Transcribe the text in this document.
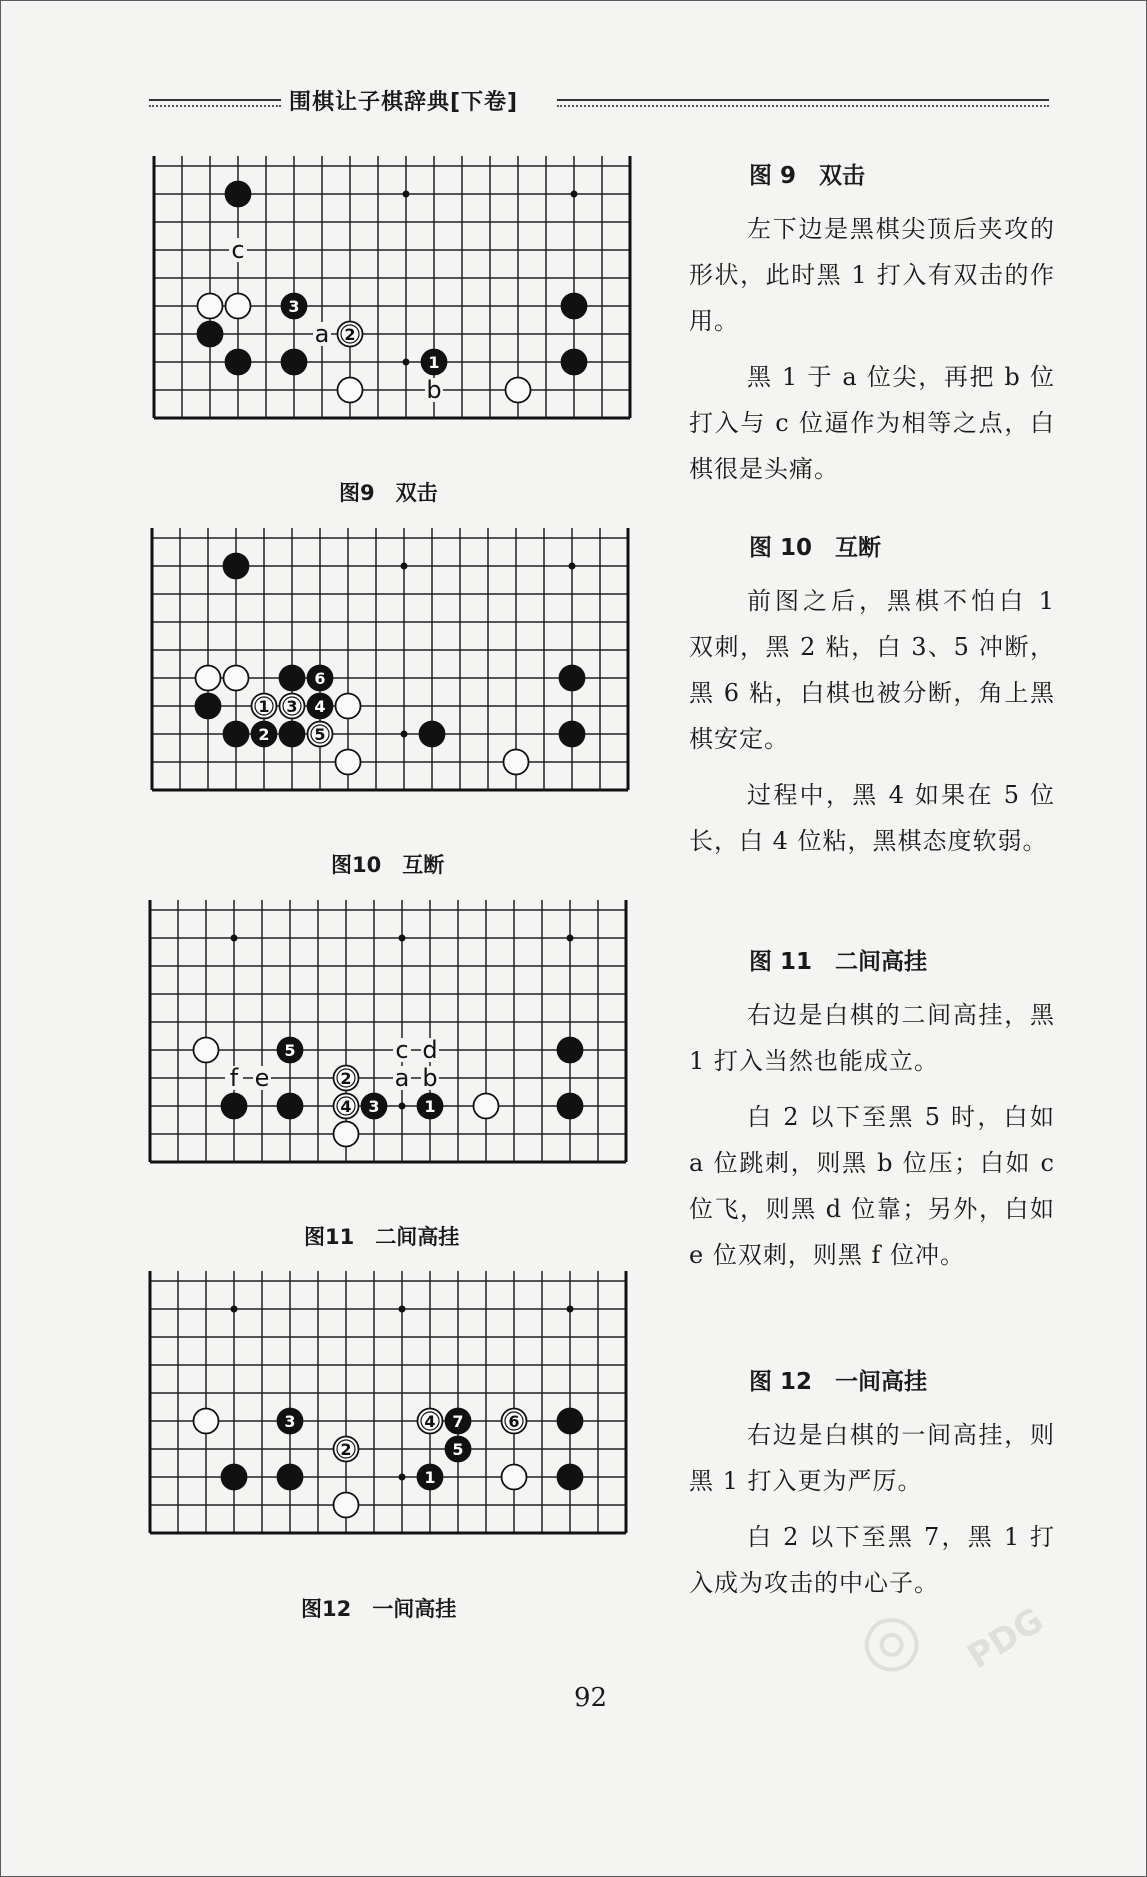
围棋让子棋辞典[下卷]
c
a
b
3
2
1
图9　双击
图 9　双击

左下边是黑棋尖顶后夹攻的形状，此时黑 1 打入有双击的作用。

黑 1 于 a 位尖，再把 b 位打入与 c 位逼作为相等之点，白棋很是头痛。

6
1 3 4
2	5
图10　互断
图 10　互断

前图之后，黑棋不怕白 1 双刺，黑 2 粘，白 3、5 冲断，黑 6 粘，白棋也被分断，角上黑棋安定。

过程中，黑 4 如果在 5 位长，白 4 位粘，黑棋态度软弱。

c d
f e	a b
5
2
4 3	1
图11　二间高挂
图 11　二间高挂

右边是白棋的二间高挂，黑 1 打入当然也能成立。

白 2 以下至黑 5 时，白如 a 位跳刺，则黑 b 位压；白如 c 位飞，则黑 d 位靠；另外，白如 e 位双刺，则黑 f 位冲。

3	4 7	6
2	5
1
图12　一间高挂
图 12　一间高挂

右边是白棋的一间高挂，则黑 1 打入更为严厉。

白 2 以下至黑 7，黑 1 打入成为攻击的中心子。

92
◎ PDG
